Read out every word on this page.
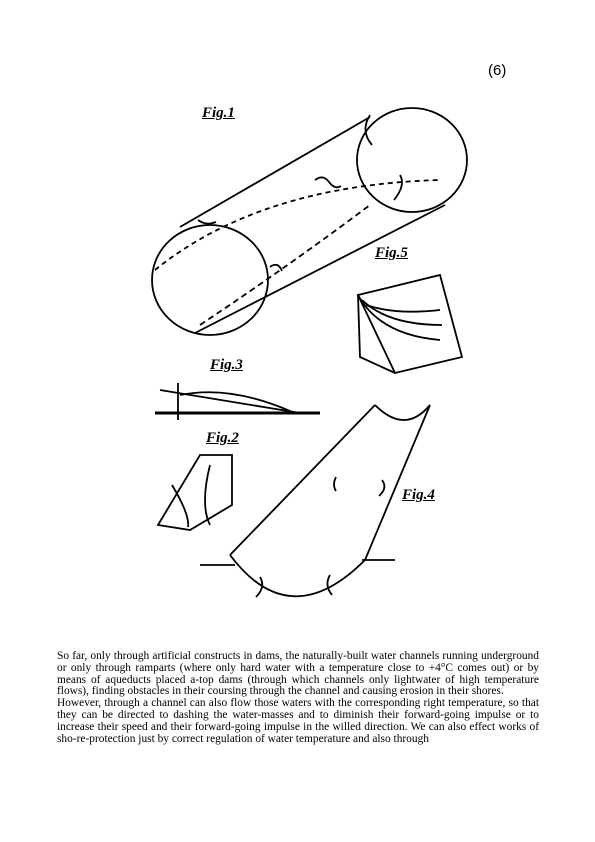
(6)
Fig.1
Fig.5
Fig.3
Fig.2
Fig.4

So far, only through artificial constructs in dams, the naturally-built water channels running underground or only through ramparts (where only hard water with a temperature close to +4°C comes out) or by means of aqueducts placed a-top dams (through which channels only lightwater of high temperature flows), finding obstacles in their coursing through the channel and causing erosion in their shores.

However, through a channel can also flow those waters with the corresponding right temperature, so that they can be directed to dashing the water-masses and to diminish their forward-going impulse or to increase their speed and their forward-going impulse in the willed direction. We can also effect works of sho-re-protection just by correct regulation of water temperature and also through
